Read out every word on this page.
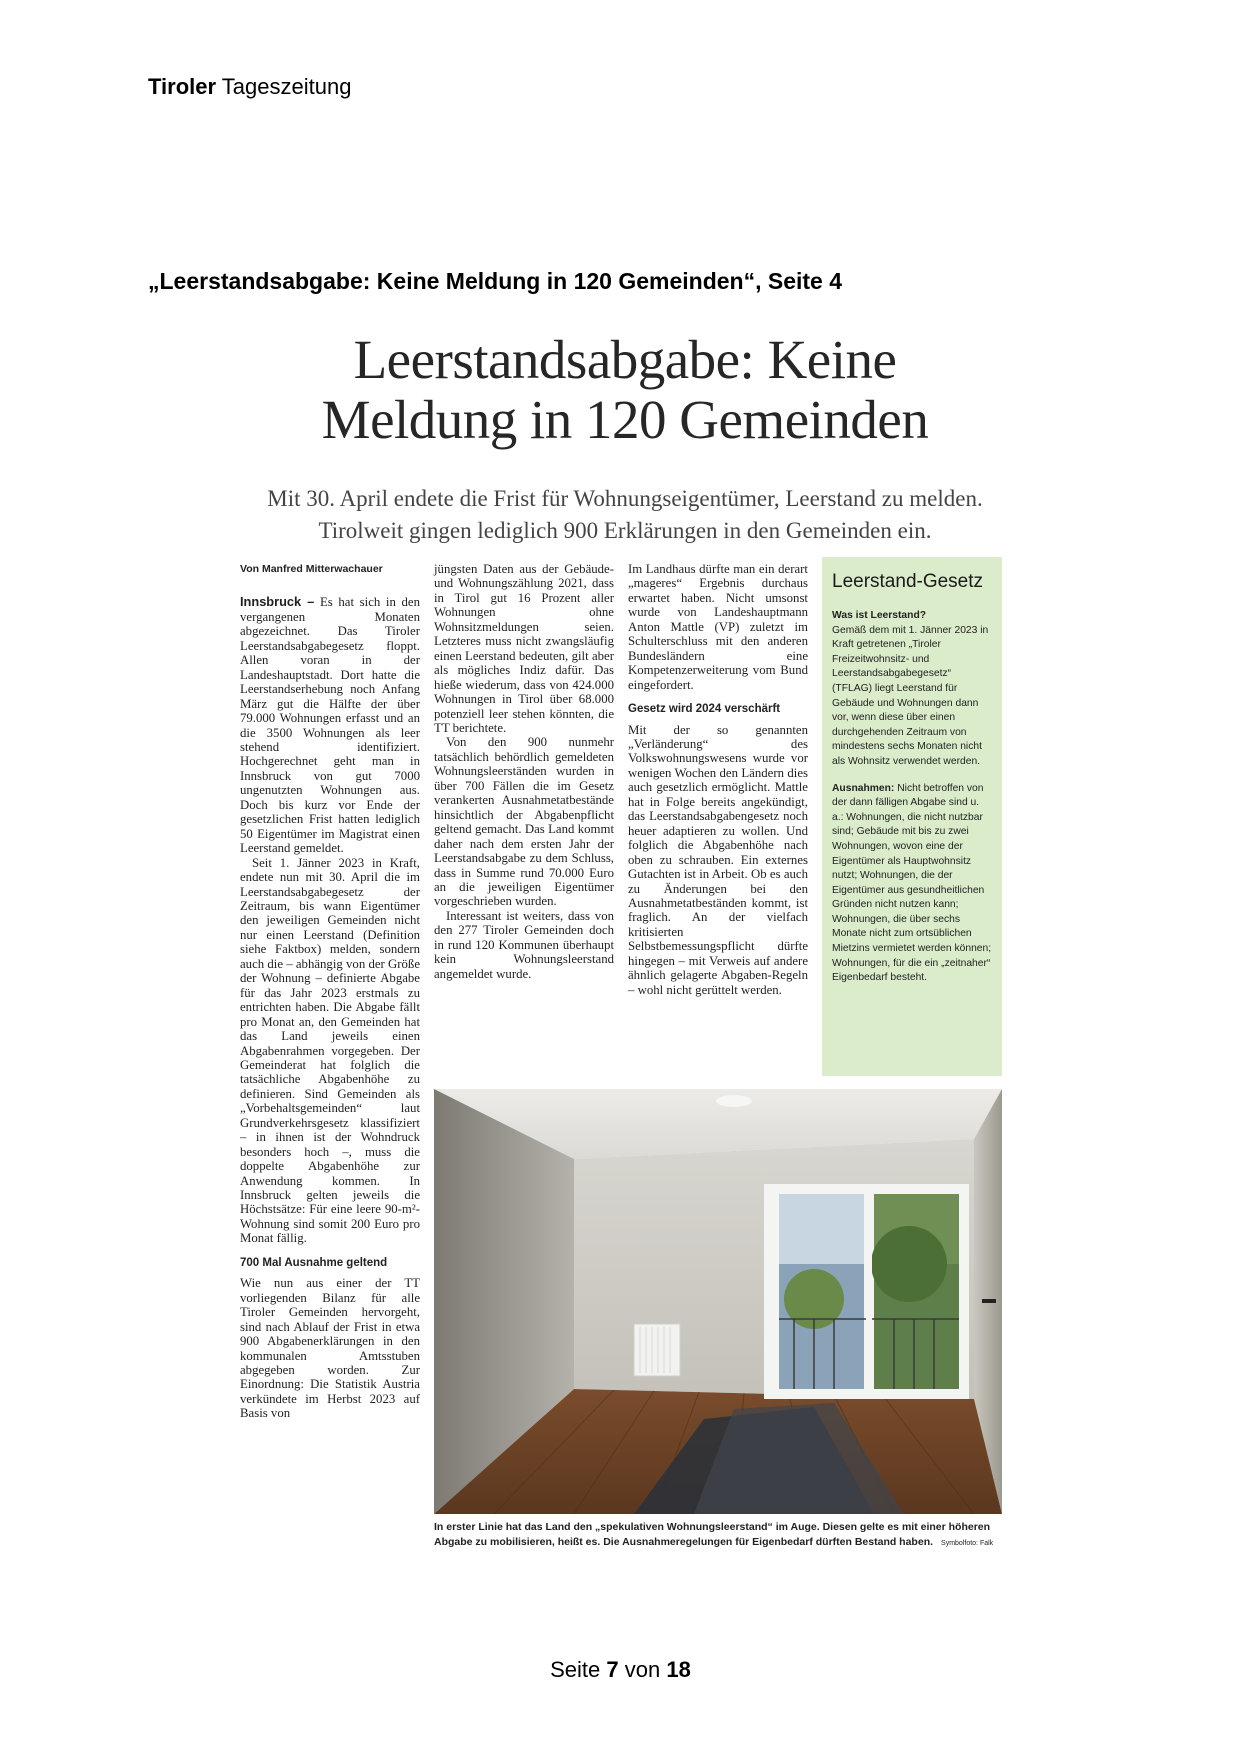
Tiroler Tageszeitung
„Leerstandsabgabe: Keine Meldung in 120 Gemeinden“, Seite 4
Leerstandsabgabe: Keine
Meldung in 120 Gemeinden
Mit 30. April endete die Frist für Wohnungseigentümer, Leerstand zu melden.
Tirolweit gingen lediglich 900 Erklärungen in den Gemeinden ein.
Von Manfred Mitterwachauer

Innsbruck – Es hat sich in den vergangenen Monaten abgezeichnet. Das Tiroler Leerstandsabgabegesetz floppt. Allen voran in der Landeshauptstadt. Dort hatte die Leerstandserhebung noch Anfang März gut die Hälfte der über 79.000 Wohnungen erfasst und an die 3500 Wohnungen als leer stehend identifiziert. Hochgerechnet geht man in Innsbruck von gut 7000 ungenutzten Wohnungen aus. Doch bis kurz vor Ende der gesetzlichen Frist hatten lediglich 50 Eigentümer im Magistrat einen Leerstand gemeldet.

Seit 1. Jänner 2023 in Kraft, endete nun mit 30. April die im Leerstandsabgabegesetz der Zeitraum, bis wann Eigentümer den jeweiligen Gemeinden nicht nur einen Leerstand (Definition siehe Faktbox) melden, sondern auch die – abhängig von der Größe der Wohnung – definierte Abgabe für das Jahr 2023 erstmals zu entrichten haben. Die Abgabe fällt pro Monat an, den Gemeinden hat das Land jeweils einen Abgabenrahmen vorgegeben. Der Gemeinderat hat folglich die tatsächliche Abgabenhöhe zu definieren. Sind Gemeinden als „Vorbehaltsgemeinden“ laut Grundverkehrsgesetz klassifiziert – in ihnen ist der Wohndruck besonders hoch –, muss die doppelte Abgabenhöhe zur Anwendung kommen. In Innsbruck gelten jeweils die Höchstsätze: Für eine leere 90-m²-Wohnung sind somit 200 Euro pro Monat fällig.

700 Mal Ausnahme geltend

Wie nun aus einer der TT vorliegenden Bilanz für alle Tiroler Gemeinden hervorgeht, sind nach Ablauf der Frist in etwa 900 Abgabenerklärungen in den kommunalen Amtsstuben abgegeben worden. Zur Einordnung: Die Statistik Austria verkündete im Herbst 2023 auf Basis von

jüngsten Daten aus der Gebäude- und Wohnungszählung 2021, dass in Tirol gut 16 Prozent aller Wohnungen ohne Wohnsitzmeldungen seien. Letzteres muss nicht zwangsläufig einen Leerstand bedeuten, gilt aber als mögliches Indiz dafür. Das hieße wiederum, dass von 424.000 Wohnungen in Tirol über 68.000 potenziell leer stehen könnten, die TT berichtete.

Von den 900 nunmehr tatsächlich behördlich gemeldeten Wohnungsleerständen wurden in über 700 Fällen die im Gesetz verankerten Ausnahmetatbestände hinsichtlich der Abgabenpflicht geltend gemacht. Das Land kommt daher nach dem ersten Jahr der Leerstandsabgabe zu dem Schluss, dass in Summe rund 70.000 Euro an die jeweiligen Eigentümer vorgeschrieben wurden.

Interessant ist weiters, dass von den 277 Tiroler Gemeinden doch in rund 120 Kommunen überhaupt kein Wohnungsleerstand angemeldet wurde.

Im Landhaus dürfte man ein derart „mageres“ Ergebnis durchaus erwartet haben. Nicht umsonst wurde von Landeshauptmann Anton Mattle (VP) zuletzt im Schulterschluss mit den anderen Bundesländern eine Kompetenzerweiterung vom Bund eingefordert.

Gesetz wird 2024 verschärft

Mit der so genannten „Verländerung“ des Volkswohnungswesens wurde vor wenigen Wochen den Ländern dies auch gesetzlich ermöglicht. Mattle hat in Folge bereits angekündigt, das Leerstandsabgabengesetz noch heuer adaptieren zu wollen. Und folglich die Abgabenhöhe nach oben zu schrauben. Ein externes Gutachten ist in Arbeit. Ob es auch zu Änderungen bei den Ausnahmetatbeständen kommt, ist fraglich. An der vielfach kritisierten Selbstbemessungspflicht dürfte hingegen – mit Verweis auf andere ähnlich gelagerte Abgaben-Regeln – wohl nicht gerüttelt werden.

Leerstand-Gesetz

Was ist Leerstand?
Gemäß dem mit 1. Jänner 2023 in Kraft getretenen „Tiroler Freizeitwohnsitz- und Leerstandsabgabegesetz“ (TFLAG) liegt Leerstand für Gebäude und Wohnungen dann vor, wenn diese über einen durchgehenden Zeitraum von mindestens sechs Monaten nicht als Wohnsitz verwendet werden.

Ausnahmen: Nicht betroffen von der dann fälligen Abgabe sind u. a.: Wohnungen, die nicht nutzbar sind; Gebäude mit bis zu zwei Wohnungen, wovon eine der Eigentümer als Hauptwohnsitz nutzt; Wohnungen, die der Eigentümer aus gesundheitlichen Gründen nicht nutzen kann; Wohnungen, die über sechs Monate nicht zum ortsüblichen Mietzins vermietet werden können; Wohnungen, für die ein „zeitnaher“ Eigenbedarf besteht.

In erster Linie hat das Land den „spekulativen Wohnungsleerstand“ im Auge. Diesen gelte es mit einer höheren Abgabe zu mobilisieren, heißt es. Die Ausnahmeregelungen für Eigenbedarf dürften Bestand haben. Symbolfoto: Falk
Seite 7 von 18
